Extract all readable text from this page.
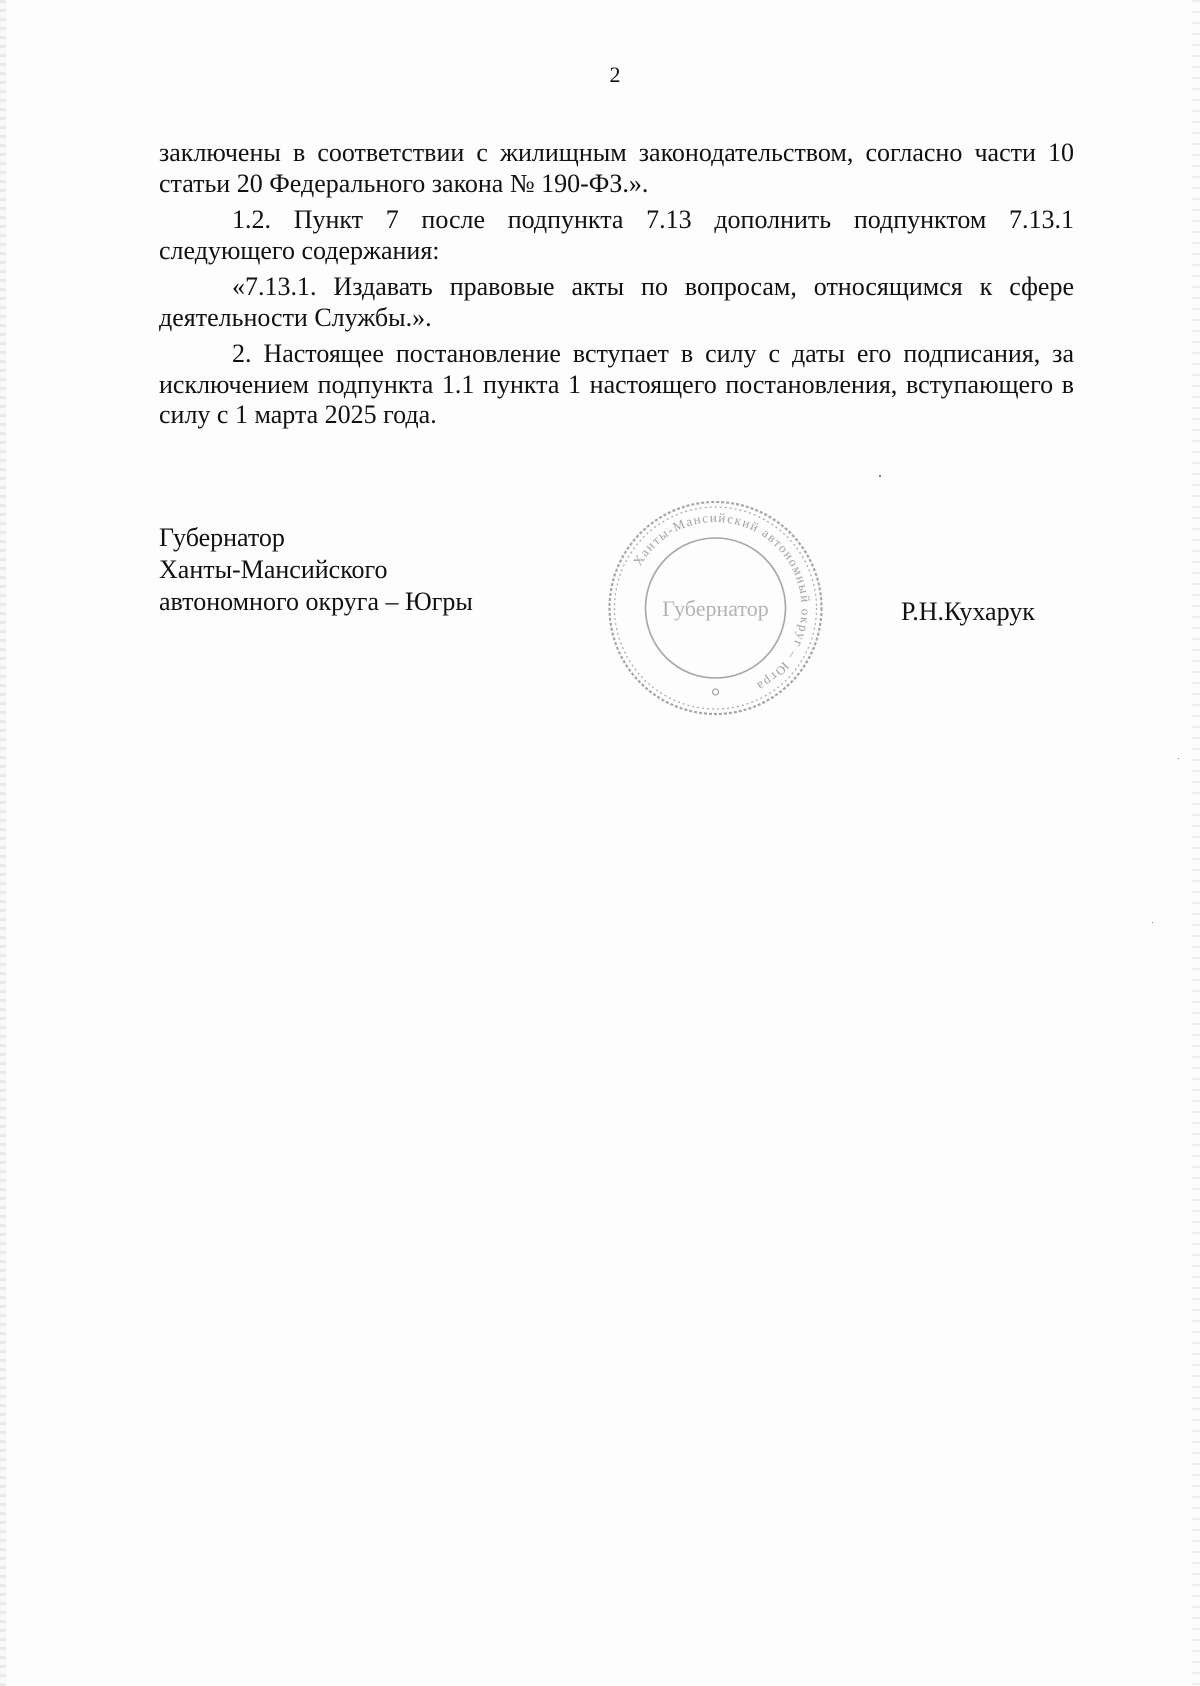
2

заключены в соответствии с жилищным законодательством, согласно части 10 статьи 20 Федерального закона № 190-ФЗ.».

1.2. Пункт 7 после подпункта 7.13 дополнить подпунктом 7.13.1 следующего содержания:

«7.13.1. Издавать правовые акты по вопросам, относящимся к сфере деятельности Службы.».

2. Настоящее постановление вступает в силу с даты его подписания, за исключением подпункта 1.1 пункта 1 настоящего постановления, вступающего в силу с 1 марта 2025 года.

Губернатор
Ханты-Мансийского
автономного округа – Югры
Ханты-Мансийский автономный округ – Югра
Губернатор	Р.Н.Кухарук
